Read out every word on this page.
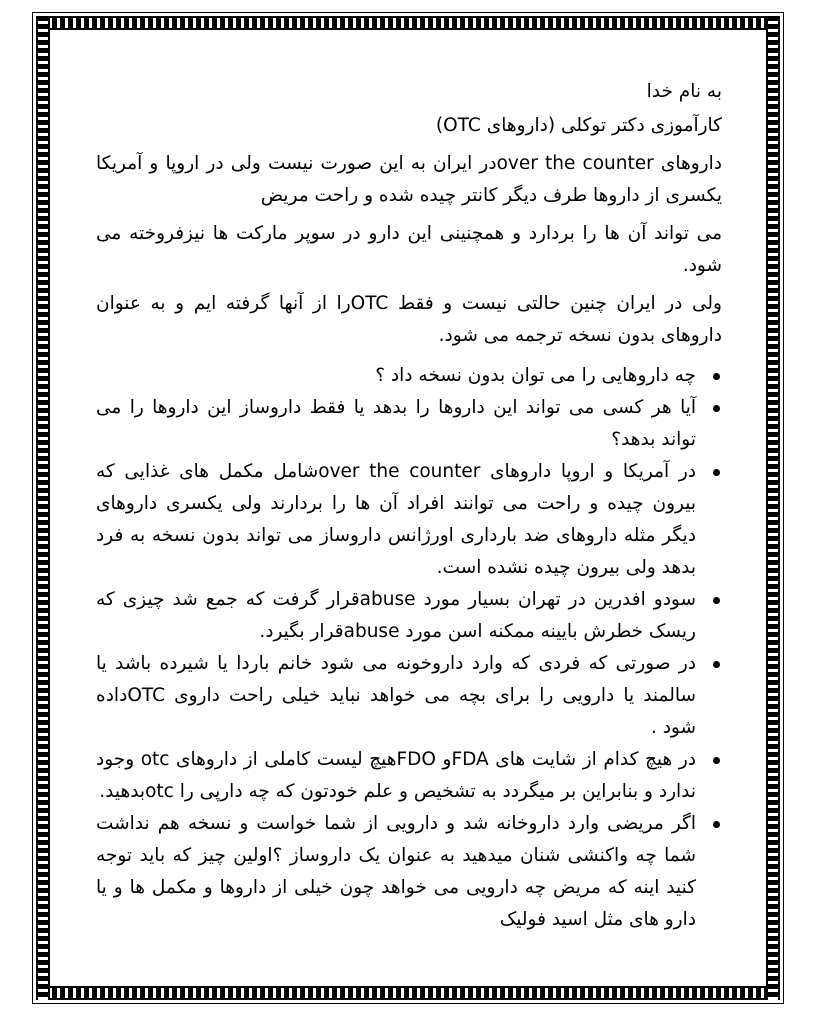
به نام خدا

کارآموزی دکتر توکلی (داروهای OTC)

داروهای over the counterدر ایران به این صورت نیست ولی در اروپا و آمریکا یکسری از داروها طرف دیگر کانتر چیده شده و راحت مریض

می تواند آن ها را بردارد و همچنینی این دارو در سوپر مارکت ها نیزفروخته می شود.

ولی در ایران چنین حالتی نیست و فقط OTCرا از آنها گرفته ایم و به عنوان داروهای بدون نسخه ترجمه می شود.

چه داروهایی را می توان بدون نسخه داد ؟
آیا هر کسی می تواند این داروها را بدهد یا فقط داروساز این داروها را می تواند بدهد؟
در آمریکا و اروپا داروهای over the counterشامل مکمل های غذایی که بیرون چیده و راحت می توانند افراد آن ها را بردارند ولی یکسری داروهای دیگر مثله داروهای ضد بارداری اورژانس داروساز می تواند بدون نسخه به فرد بدهد ولی بیرون چیده نشده است.
سودو افدرین در تهران بسیار مورد abuseقرار گرفت که جمع شد چیزی که ریسک خطرش بایینه ممکنه اسن مورد abuseقرار بگیرد.
در صورتی که فردی که وارد داروخونه می شود خانم باردا یا شیرده باشد یا سالمند یا دارویی را برای بچه می خواهد نباید خیلی راحت داروی OTCداده شود .
در هیچ کدام از شایت های FDAو FDOهیچ لیست کاملی از داروهای otc وجود ندارد و بنابراین بر میگردد به تشخیص و علم خودتون که چه دارپی را otcبدهید.
اگر مریضی وارد داروخانه شد و دارویی از شما خواست و نسخه هم نداشت شما چه واکنشی شنان میدهید به عنوان یک داروساز ؟اولین چیز که باید توجه کنید اینه که مریض چه دارویی می خواهد چون خیلی از داروها و مکمل ها و یا دارو های مثل اسید فولیک
